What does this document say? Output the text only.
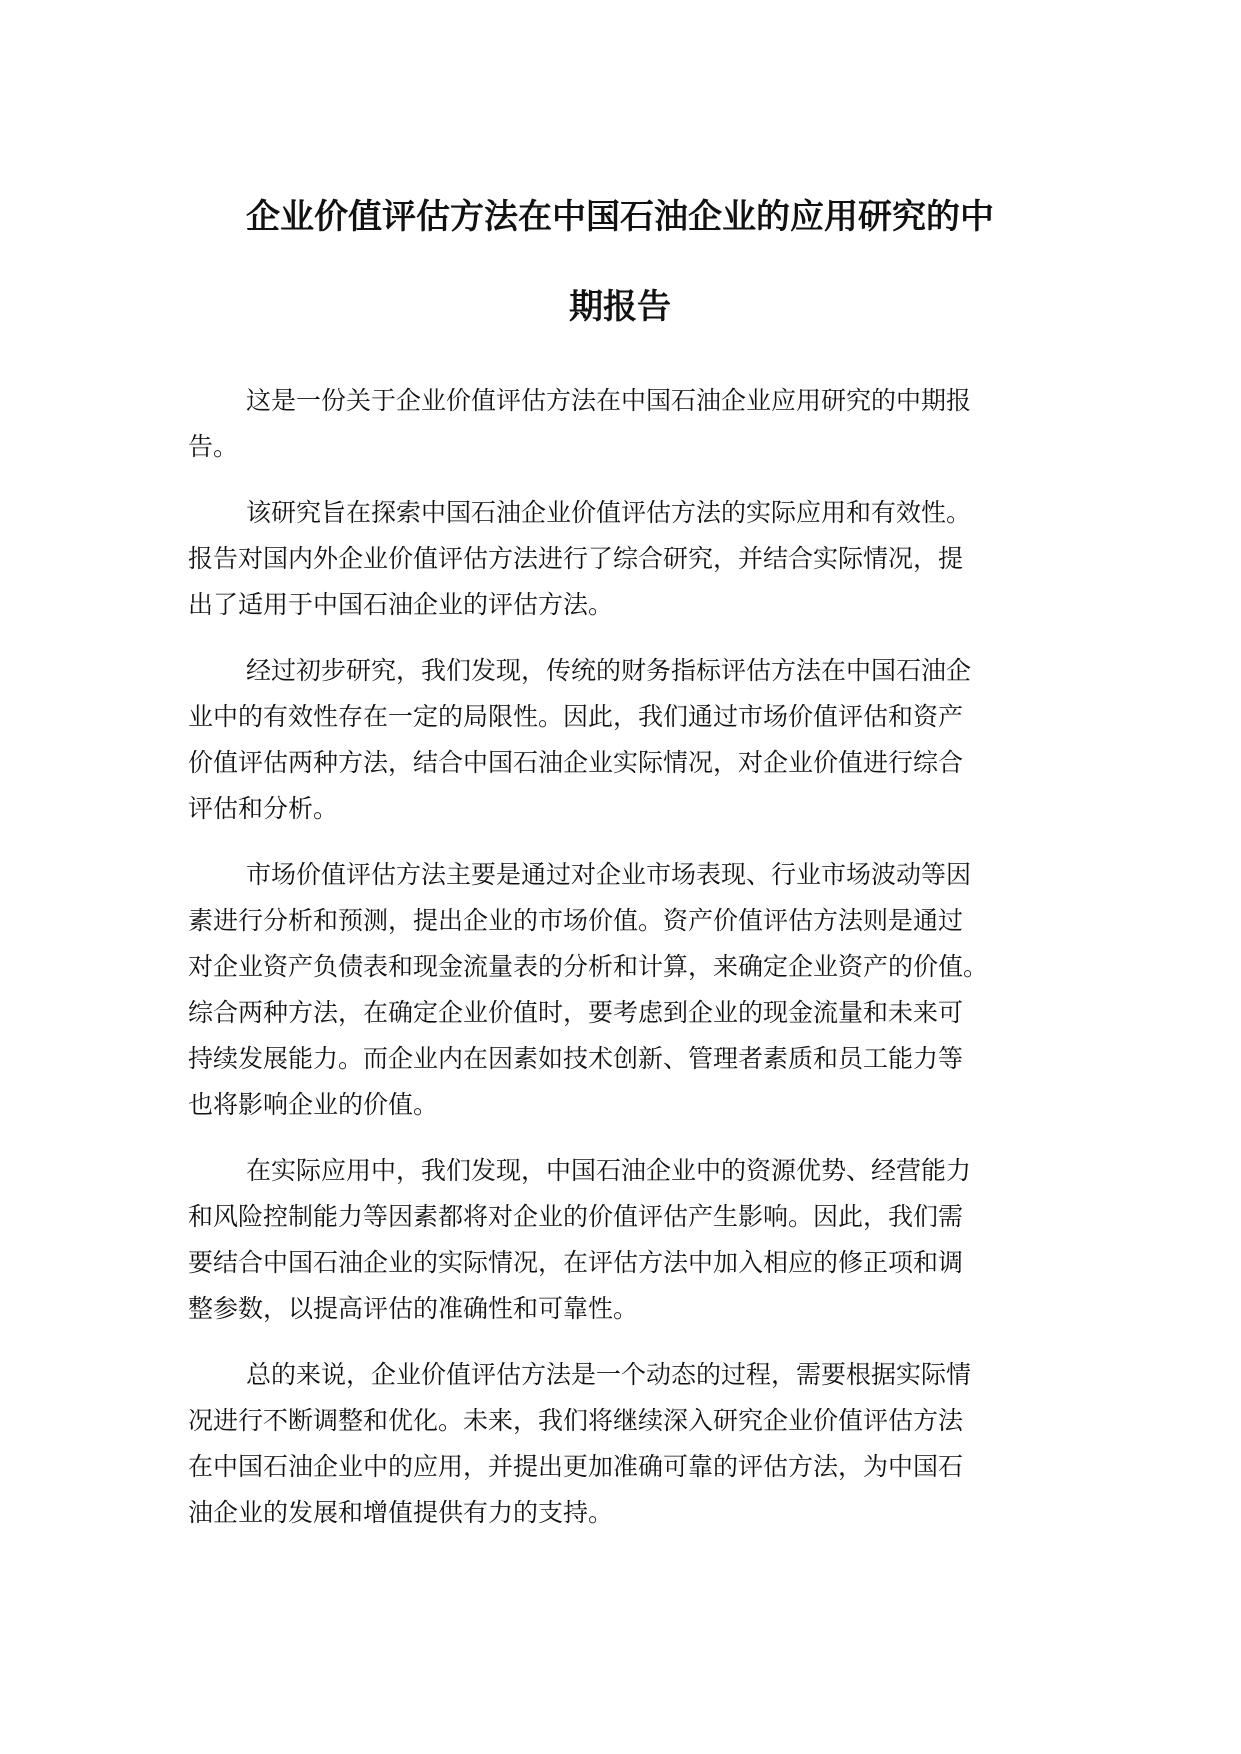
企业价值评估方法在中国石油企业的应用研究的中
期报告
这是一份关于企业价值评估方法在中国石油企业应用研究的中期报
告。
该研究旨在探索中国石油企业价值评估方法的实际应用和有效性。
报告对国内外企业价值评估方法进行了综合研究，并结合实际情况，提
出了适用于中国石油企业的评估方法。
经过初步研究，我们发现，传统的财务指标评估方法在中国石油企
业中的有效性存在一定的局限性。因此，我们通过市场价值评估和资产
价值评估两种方法，结合中国石油企业实际情况，对企业价值进行综合
评估和分析。
市场价值评估方法主要是通过对企业市场表现、行业市场波动等因
素进行分析和预测，提出企业的市场价值。资产价值评估方法则是通过
对企业资产负债表和现金流量表的分析和计算，来确定企业资产的价值。
综合两种方法，在确定企业价值时，要考虑到企业的现金流量和未来可
持续发展能力。而企业内在因素如技术创新、管理者素质和员工能力等
也将影响企业的价值。
在实际应用中，我们发现，中国石油企业中的资源优势、经营能力
和风险控制能力等因素都将对企业的价值评估产生影响。因此，我们需
要结合中国石油企业的实际情况，在评估方法中加入相应的修正项和调
整参数，以提高评估的准确性和可靠性。
总的来说，企业价值评估方法是一个动态的过程，需要根据实际情
况进行不断调整和优化。未来，我们将继续深入研究企业价值评估方法
在中国石油企业中的应用，并提出更加准确可靠的评估方法，为中国石
油企业的发展和增值提供有力的支持。
